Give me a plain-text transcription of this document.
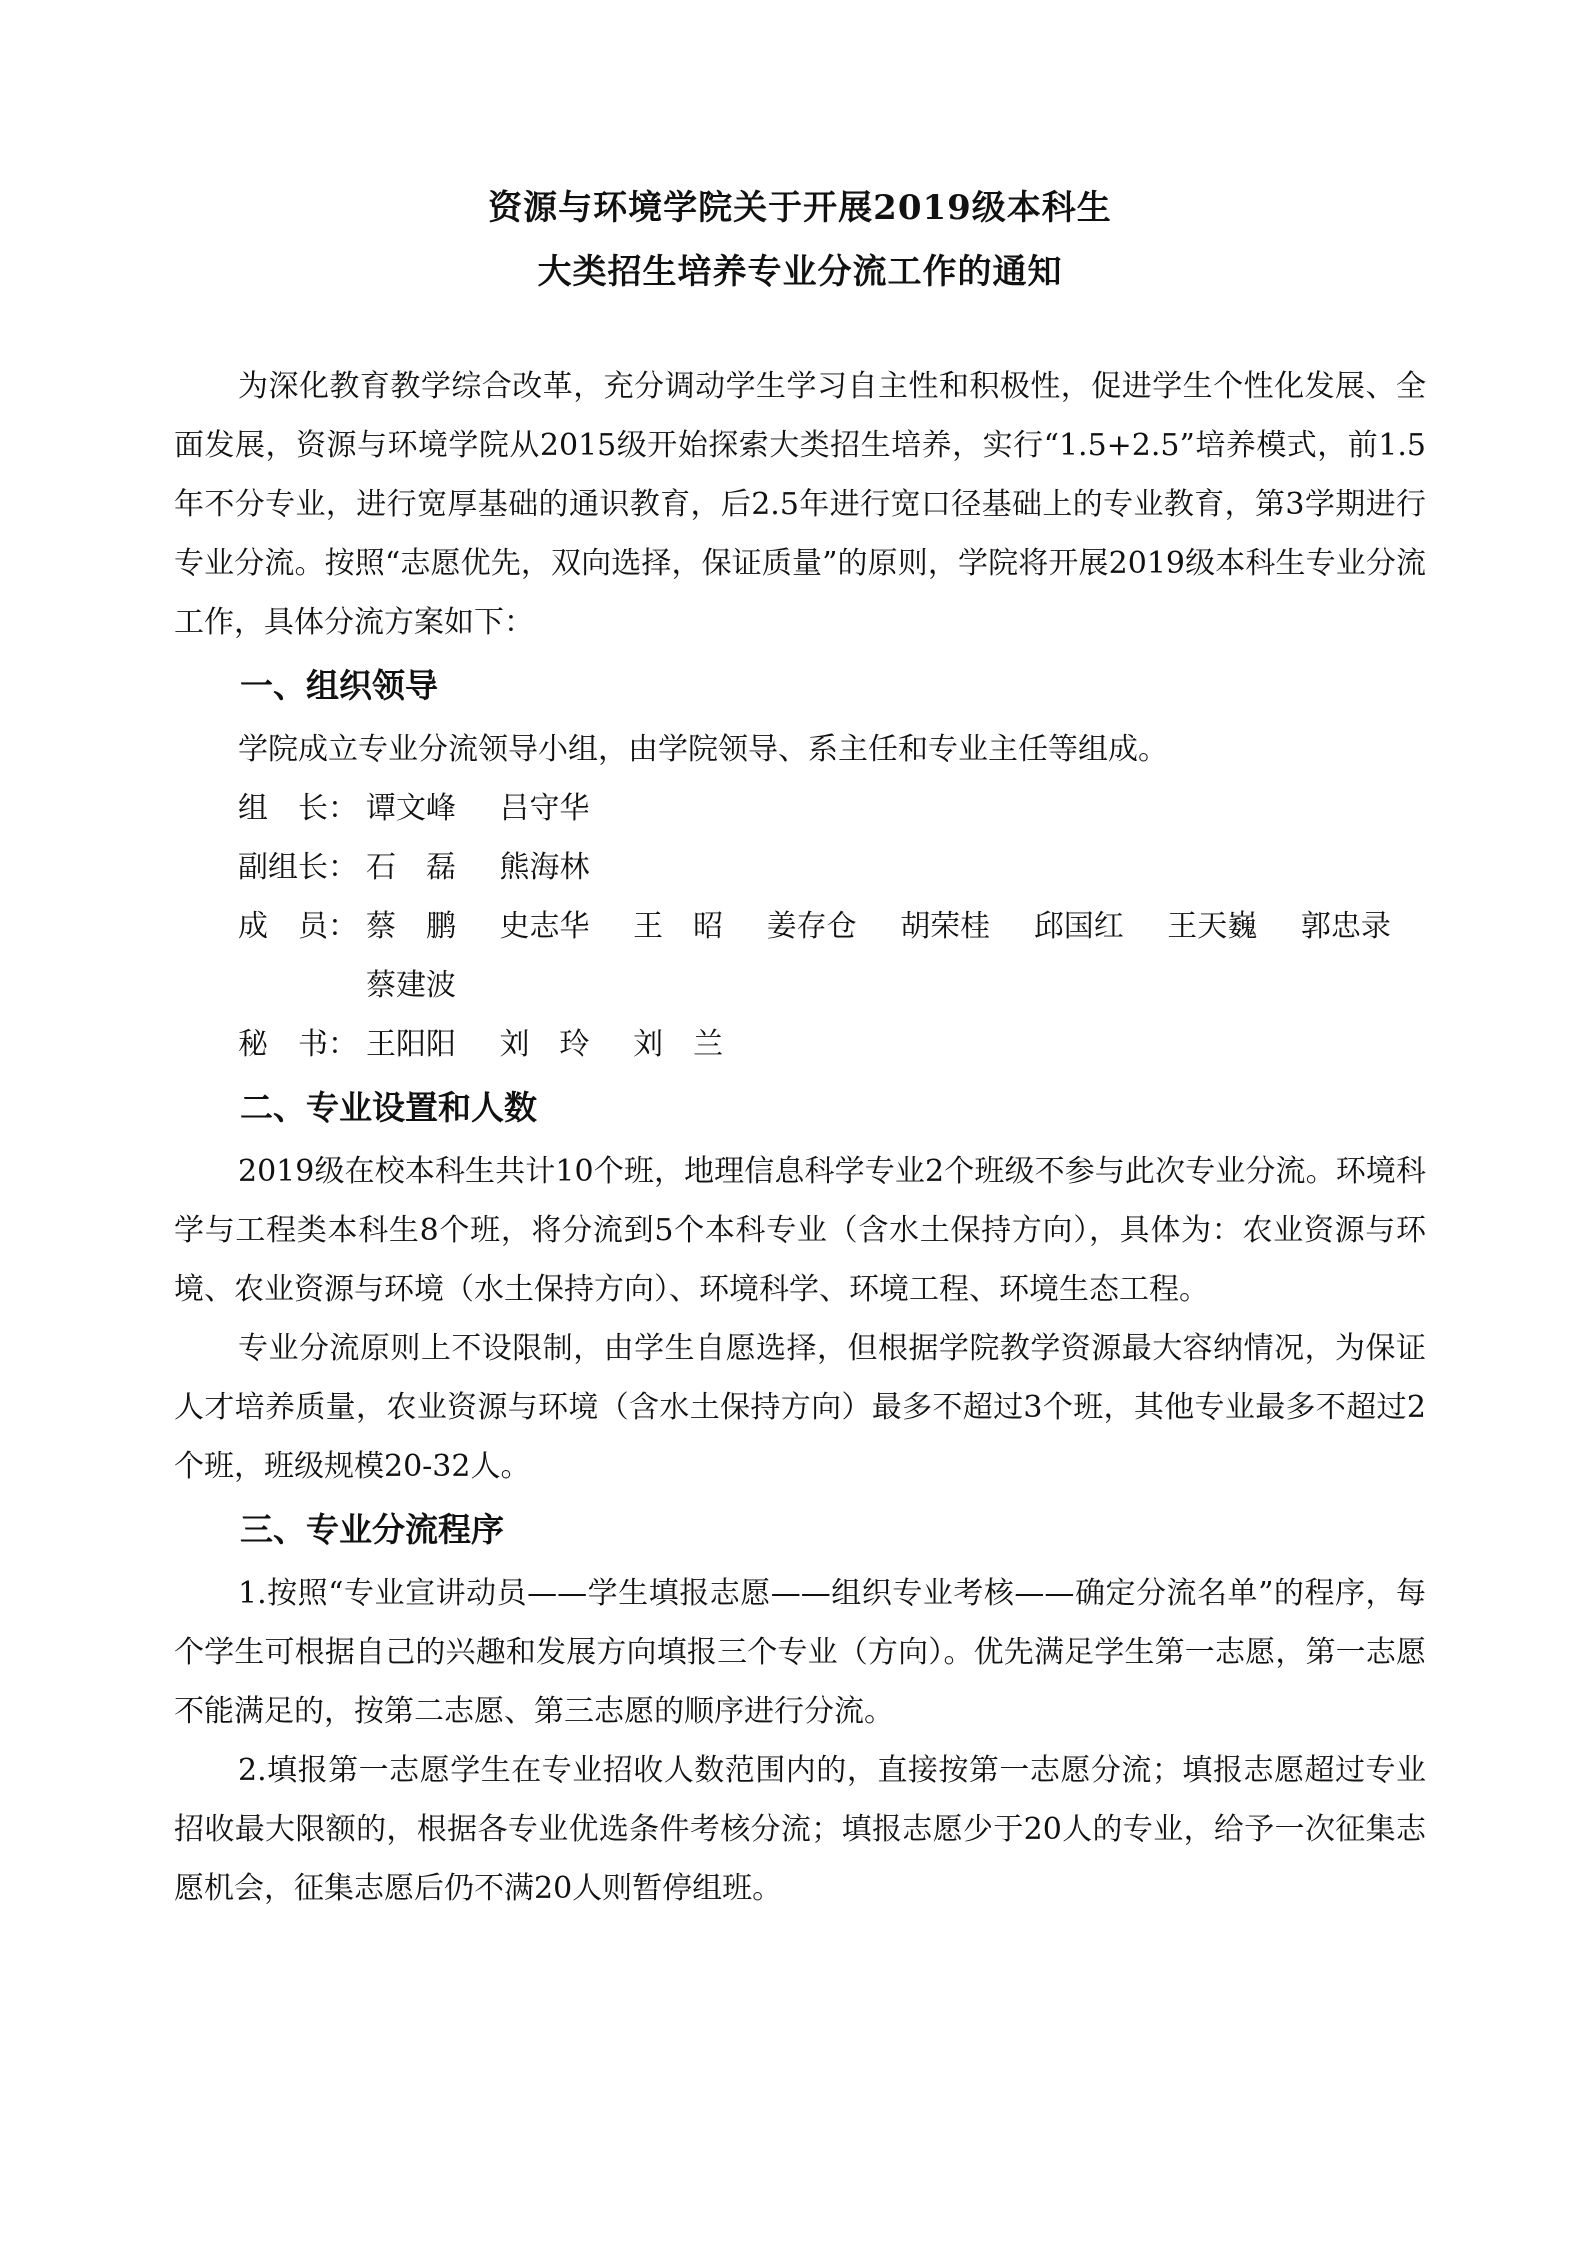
资源与环境学院关于开展2019级本科生

大类招生培养专业分流工作的通知

为深化教育教学综合改革，充分调动学生学习自主性和积极性，促进学生个性化发展、全面发展，资源与环境学院从2015级开始探索大类招生培养，实行“1.5+2.5”培养模式，前1.5年不分专业，进行宽厚基础的通识教育，后2.5年进行宽口径基础上的专业教育，第3学期进行专业分流。按照“志愿优先，双向选择，保证质量”的原则，学院将开展2019级本科生专业分流工作，具体分流方案如下：

一、组织领导

学院成立专业分流领导小组，由学院领导、系主任和专业主任等组成。

组　长： 谭文峰 吕守华
副组长： 石　磊 熊海林
成　员： 蔡　鹏 史志华 王　昭 姜存仓 胡荣桂 邱国红 王天巍 郭忠录 蔡建波
秘　书： 王阳阳 刘　玲 刘　兰
二、专业设置和人数

2019级在校本科生共计10个班，地理信息科学专业2个班级不参与此次专业分流。环境科学与工程类本科生8个班，将分流到5个本科专业（含水土保持方向），具体为：农业资源与环境、农业资源与环境（水土保持方向）、环境科学、环境工程、环境生态工程。

专业分流原则上不设限制，由学生自愿选择，但根据学院教学资源最大容纳情况，为保证人才培养质量，农业资源与环境（含水土保持方向）最多不超过3个班，其他专业最多不超过2个班，班级规模20-32人。

三、专业分流程序

1.按照“专业宣讲动员——学生填报志愿——组织专业考核——确定分流名单”的程序，每个学生可根据自己的兴趣和发展方向填报三个专业（方向）。优先满足学生第一志愿，第一志愿不能满足的，按第二志愿、第三志愿的顺序进行分流。

2.填报第一志愿学生在专业招收人数范围内的，直接按第一志愿分流；填报志愿超过专业招收最大限额的，根据各专业优选条件考核分流；填报志愿少于20人的专业，给予一次征集志愿机会，征集志愿后仍不满20人则暂停组班。
